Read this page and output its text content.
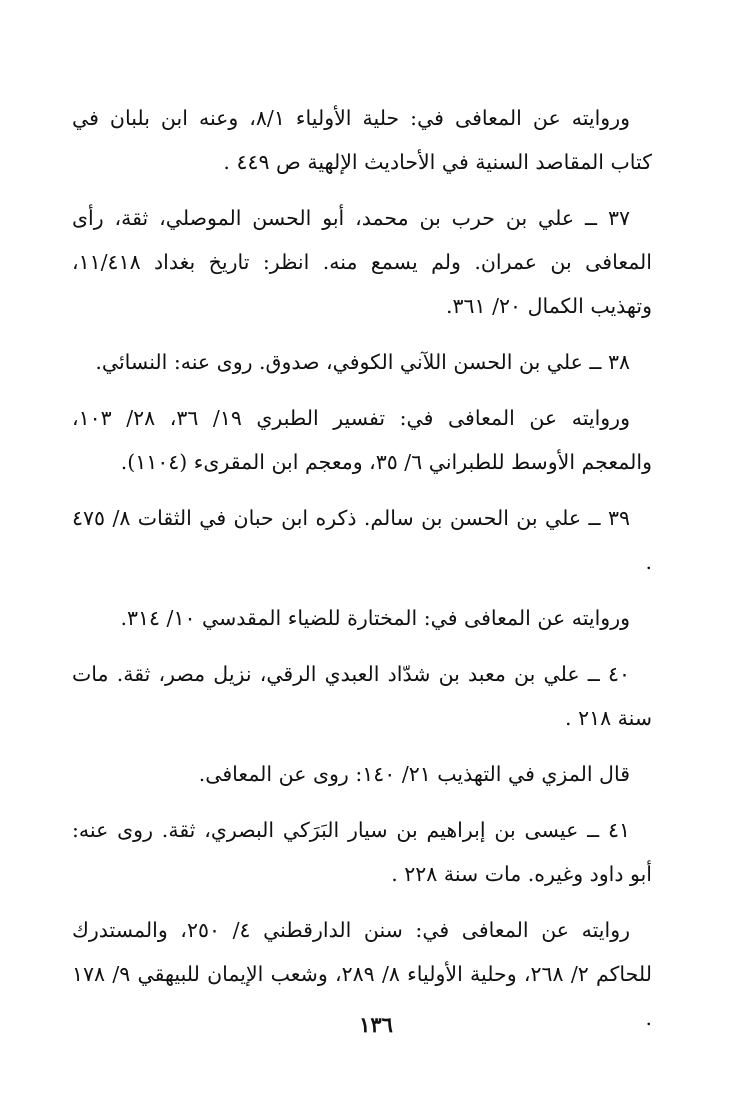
وروايته عن المعافى في: حلية الأولياء ٨/١، وعنه ابن بلبان في كتاب المقاصد السنية في الأحاديث الإلهية ص ٤٤٩ .

٣٧ ــ علي بن حرب بن محمد، أبو الحسن الموصلي، ثقة، رأى المعافى بن عمران. ولم يسمع منه. انظر: تاريخ بغداد ١١/٤١٨، وتهذيب الكمال ٢٠/ ٣٦١.

٣٨ ــ علي بن الحسن اللآني الكوفي، صدوق. روى عنه: النسائي.

وروايته عن المعافى في: تفسير الطبري ١٩/ ٣٦، ٢٨/ ١٠٣، والمعجم الأوسط للطبراني ٦/ ٣٥، ومعجم ابن المقرىء (١١٠٤).

٣٩ ــ علي بن الحسن بن سالم. ذكره ابن حبان في الثقات ٨/ ٤٧٥ .

وروايته عن المعافى في: المختارة للضياء المقدسي ١٠/ ٣١٤.

٤٠ ــ علي بن معبد بن شدّاد العبدي الرقي، نزيل مصر، ثقة. مات سنة ٢١٨ .

قال المزي في التهذيب ٢١/ ١٤٠: روى عن المعافى.

٤١ ــ عيسى بن إبراهيم بن سيار البَرَكي البصري، ثقة. روى عنه: أبو داود وغيره. مات سنة ٢٢٨ .

روايته عن المعافى في: سنن الدارقطني ٤/ ٢٥٠، والمستدرك للحاكم ٢/ ٢٦٨، وحلية الأولياء ٨/ ٢٨٩، وشعب الإيمان للبيهقي ٩/ ١٧٨ .

١٣٦
